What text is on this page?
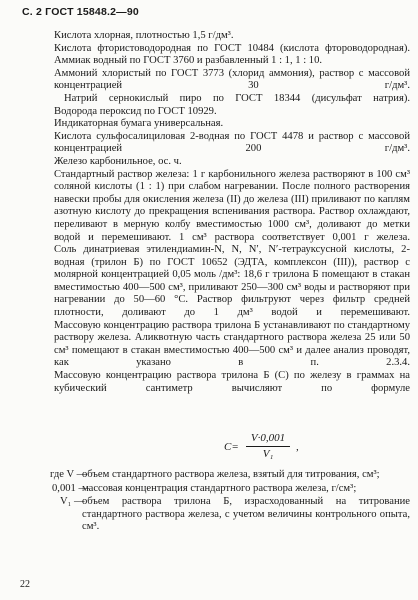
С. 2 ГОСТ 15848.2—90
Кислота хлорная, плотностью 1,5 г/дм³.
Кислота фтористоводородная по ГОСТ 10484 (кислота фтороводородная).
Аммиак водный по ГОСТ 3760 и разбавленный 1 : 1, 1 : 10.
Аммоний хлористый по ГОСТ 3773 (хлорид аммония), раствор с массовой концентрацией 30 г/дм³.
Натрий сернокислый пиро по ГОСТ 18344 (дисульфат натрия).
Водорода пероксид по ГОСТ 10929.
Индикаторная бумага универсальная.
Кислота сульфосалициловая 2-водная по ГОСТ 4478 и раствор с массовой концентрацией 200 г/дм³.
Железо карбонильное, ос. ч.
Стандартный раствор железа: 1 г карбонильного железа растворяют в 100 см³ соляной кислоты (1 : 1) при слабом нагревании. После полного растворения навески пробы для окисления железа (II) до железа (III) приливают по каплям азотную кислоту до прекращения вспенивания раствора. Раствор охлаждают, переливают в мерную колбу вместимостью 1000 см³, доливают до метки водой и перемешивают. 1 см³ раствора соответствует 0,001 г железа.
Соль динатриевая этилендиамин-N, N, N′, N′-тетрауксусной кислоты, 2-водная (трилон Б) по ГОСТ 10652 (ЭДТА, комплексон (III)), раствор с молярной концентрацией 0,05 моль /дм³: 18,6 г трилона Б помещают в стакан вместимостью 400—500 см³, приливают 250—300 см³ воды и растворяют при нагревании до 50—60 °С. Раствор фильтруют через фильтр средней плотности, доливают до 1 дм³ водой и перемешивают.
Массовую концентрацию раствора трилона Б устанавливают по стандартному раствору железа. Аликвотную часть стандартного раствора железа 25 или 50 см³ помещают в стакан вместимостью 400—500 см³ и далее анализ проводят, как указано в п. 2.3.4.
Массовую концентрацию раствора трилона Б (С) по железу в граммах на кубический сантиметр вычисляют по формуле
$С= \frac{V\cdot 0,001}{\text{V₁}}$ ,
где V —
объем стандартного раствора железа, взятый для титрования, см³;
0,001 —
массовая концентрация стандартного раствора железа, г/см³;
V₁ —
объем раствора трилона Б, израсходованный на титрование стандартного раствора железа, с учетом величины контрольного опыта, см³.
22
